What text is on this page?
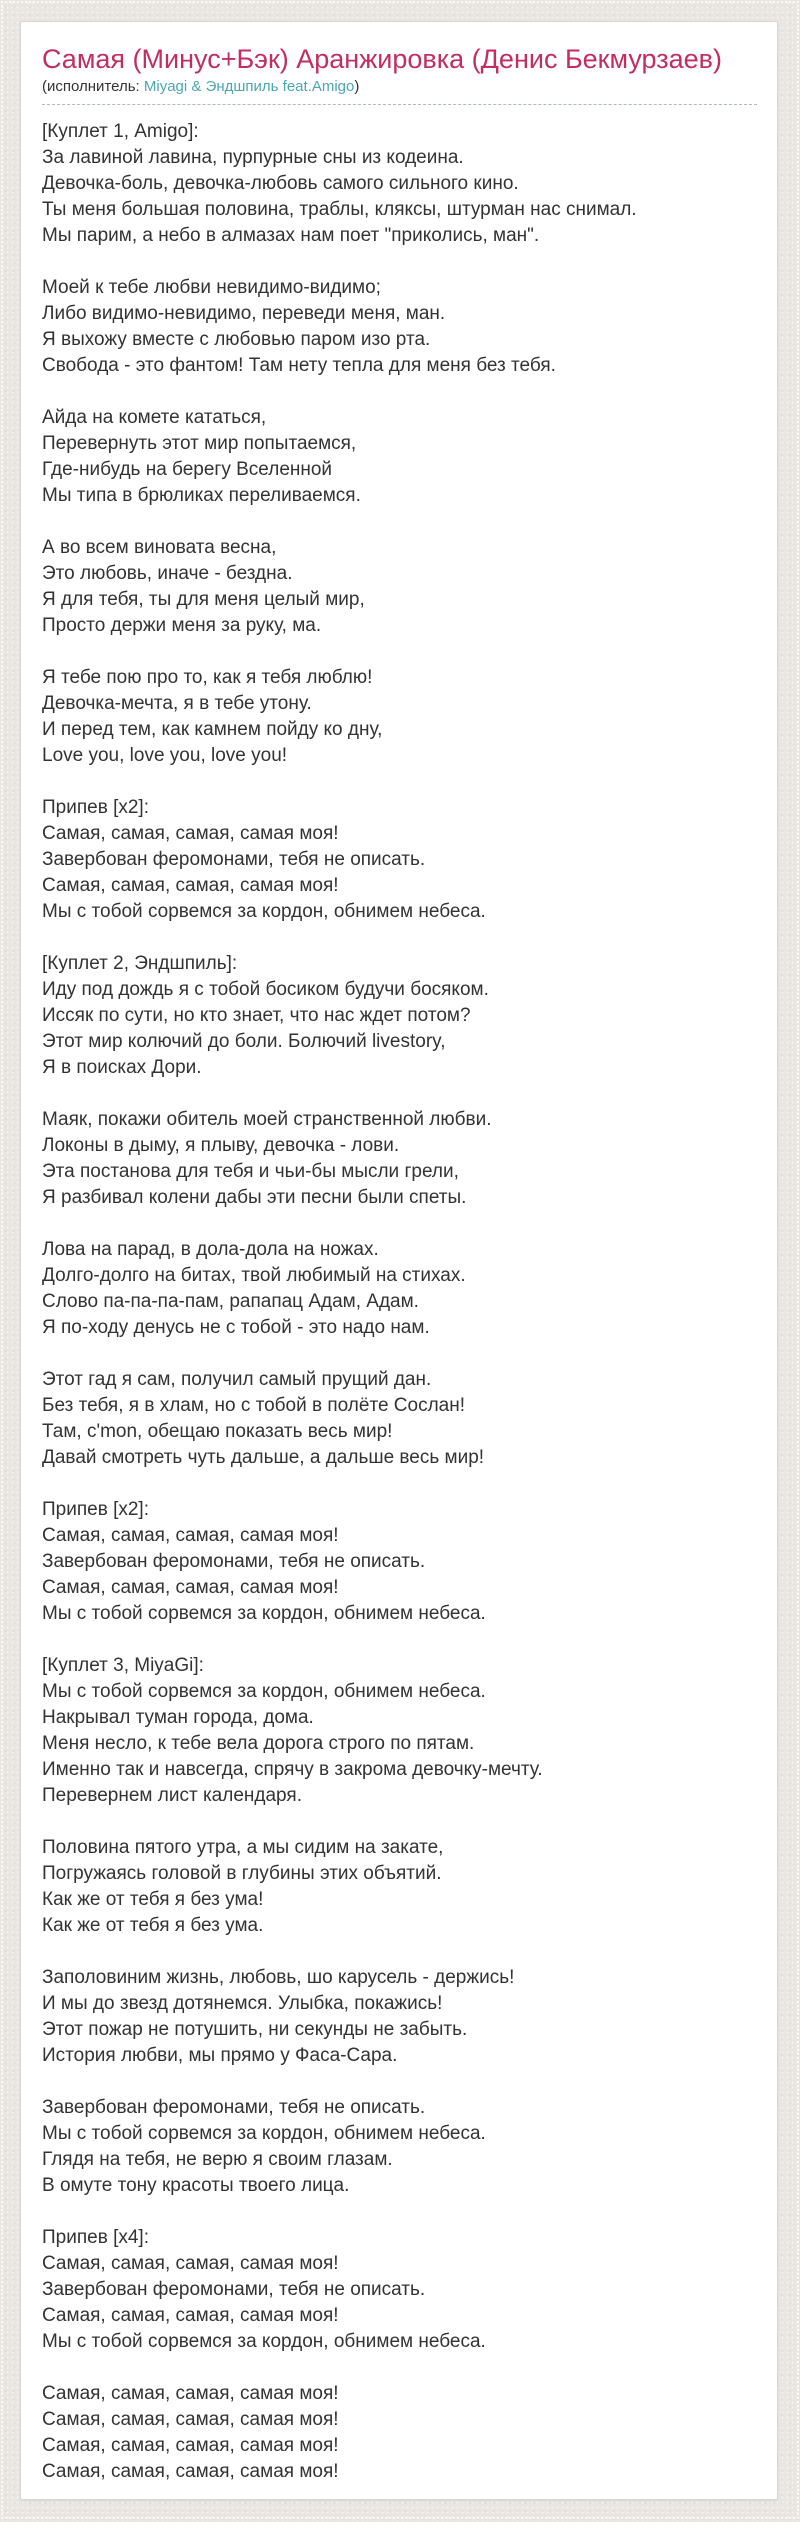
Самая (Минус+Бэк) Аранжировка (Денис Бекмурзаев)
(исполнитель: Miyagi & Эндшпиль feat.Amigo)
[Куплет 1, Amigo]:
За лавиной лавина, пурпурные сны из кодеина.
Девочка-боль, девочка-любовь самого сильного кино.
Ты меня большая половина, траблы, кляксы, штурман нас снимал.
Мы парим, а небо в алмазах нам поет "приколись, ман".
Моей к тебе любви невидимо-видимо;
Либо видимо-невидимо, переведи меня, ман.
Я выхожу вместе с любовью паром изо рта.
Свобода - это фантом! Там нету тепла для меня без тебя.
Айда на комете кататься,
Перевернуть этот мир попытаемся,
Где-нибудь на берегу Вселенной
Мы типа в брюликах переливаемся.
А во всем виновата весна,
Это любовь, иначе - бездна.
Я для тебя, ты для меня целый мир,
Просто держи меня за руку, ма.
Я тебе пою про то, как я тебя люблю!
Девочка-мечта, я в тебе утону.
И перед тем, как камнем пойду ко дну,
Love you, love you, love you!
Припев [x2]:
Самая, самая, самая, самая моя!
Завербован феромонами, тебя не описать.
Самая, самая, самая, самая моя!
Мы с тобой сорвемся за кордон, обнимем небеса.
[Куплет 2, Эндшпиль]:
Иду под дождь я с тобой босиком будучи босяком.
Иссяк по сути, но кто знает, что нас ждет потом?
Этот мир колючий до боли. Болючий livestory,
Я в поисках Дори.
Маяк, покажи обитель моей странственной любви.
Локоны в дыму, я плыву, девочка - лови.
Эта постанова для тебя и чьи-бы мысли грели,
Я разбивал колени дабы эти песни были спеты.
Лова на парад, в дола-дола на ножах.
Долго-долго на битах, твой любимый на стихах.
Слово па-па-па-пам, рапапац Адам, Адам.
Я по-ходу денусь не с тобой - это надо нам.
Этот гад я сам, получил самый прущий дан.
Без тебя, я в хлам, но с тобой в полёте Сослан!
Там, c'mon, обещаю показать весь мир!
Давай смотреть чуть дальше, а дальше весь мир!
Припев [x2]:
Самая, самая, самая, самая моя!
Завербован феромонами, тебя не описать.
Самая, самая, самая, самая моя!
Мы с тобой сорвемся за кордон, обнимем небеса.
[Куплет 3, MiyaGi]:
Мы с тобой сорвемся за кордон, обнимем небеса.
Накрывал туман города, дома.
Меня несло, к тебе вела дорога строго по пятам.
Именно так и навсегда, спрячу в закрома девочку-мечту.
Перевернем лист календаря.
Половина пятого утра, а мы сидим на закате,
Погружаясь головой в глубины этих объятий.
Как же от тебя я без ума!
Как же от тебя я без ума.
Заполовиним жизнь, любовь, шо карусель - держись!
И мы до звезд дотянемся. Улыбка, покажись!
Этот пожар не потушить, ни секунды не забыть.
История любви, мы прямо у Фаса-Сара.
Завербован феромонами, тебя не описать.
Мы с тобой сорвемся за кордон, обнимем небеса.
Глядя на тебя, не верю я своим глазам.
В омуте тону красоты твоего лица.
Припев [x4]:
Самая, самая, самая, самая моя!
Завербован феромонами, тебя не описать.
Самая, самая, самая, самая моя!
Мы с тобой сорвемся за кордон, обнимем небеса.
Самая, самая, самая, самая моя!
Самая, самая, самая, самая моя!
Самая, самая, самая, самая моя!
Самая, самая, самая, самая моя!
